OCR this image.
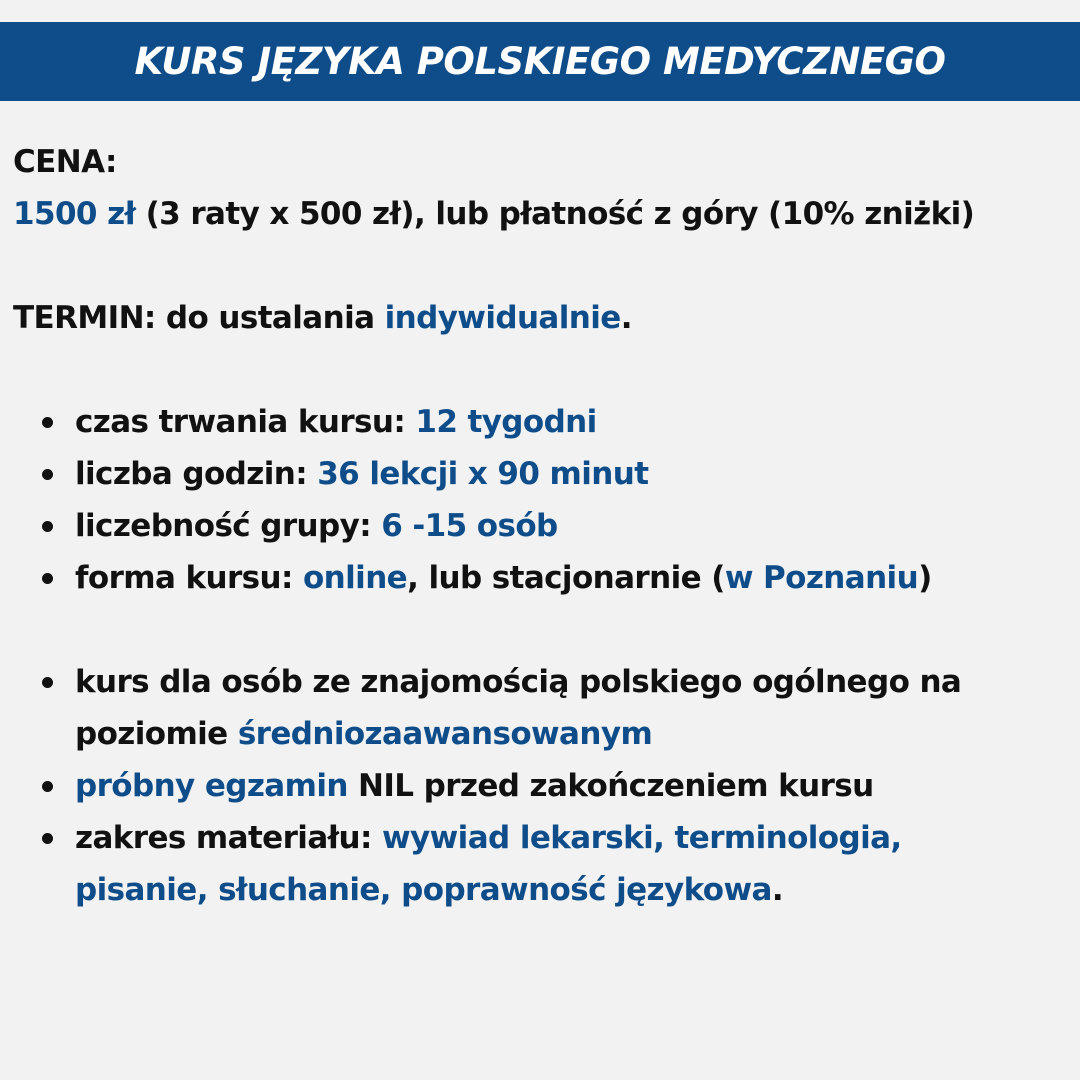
KURS JĘZYKA POLSKIEGO MEDYCZNEGO
CENA:
1500 zł (3 raty x 500 zł), lub płatność z góry (10% zniżki)
TERMIN: do ustalania indywidualnie.
czas trwania kursu: 12 tygodni
liczba godzin: 36 lekcji x 90 minut
liczebność grupy: 6 -15 osób
forma kursu: online, lub stacjonarnie (w Poznaniu)
kurs dla osób ze znajomością polskiego ogólnego na
poziomie średniozaawansowanym
próbny egzamin NIL przed zakończeniem kursu
zakres materiału: wywiad lekarski, terminologia,
pisanie, słuchanie, poprawność językowa.
